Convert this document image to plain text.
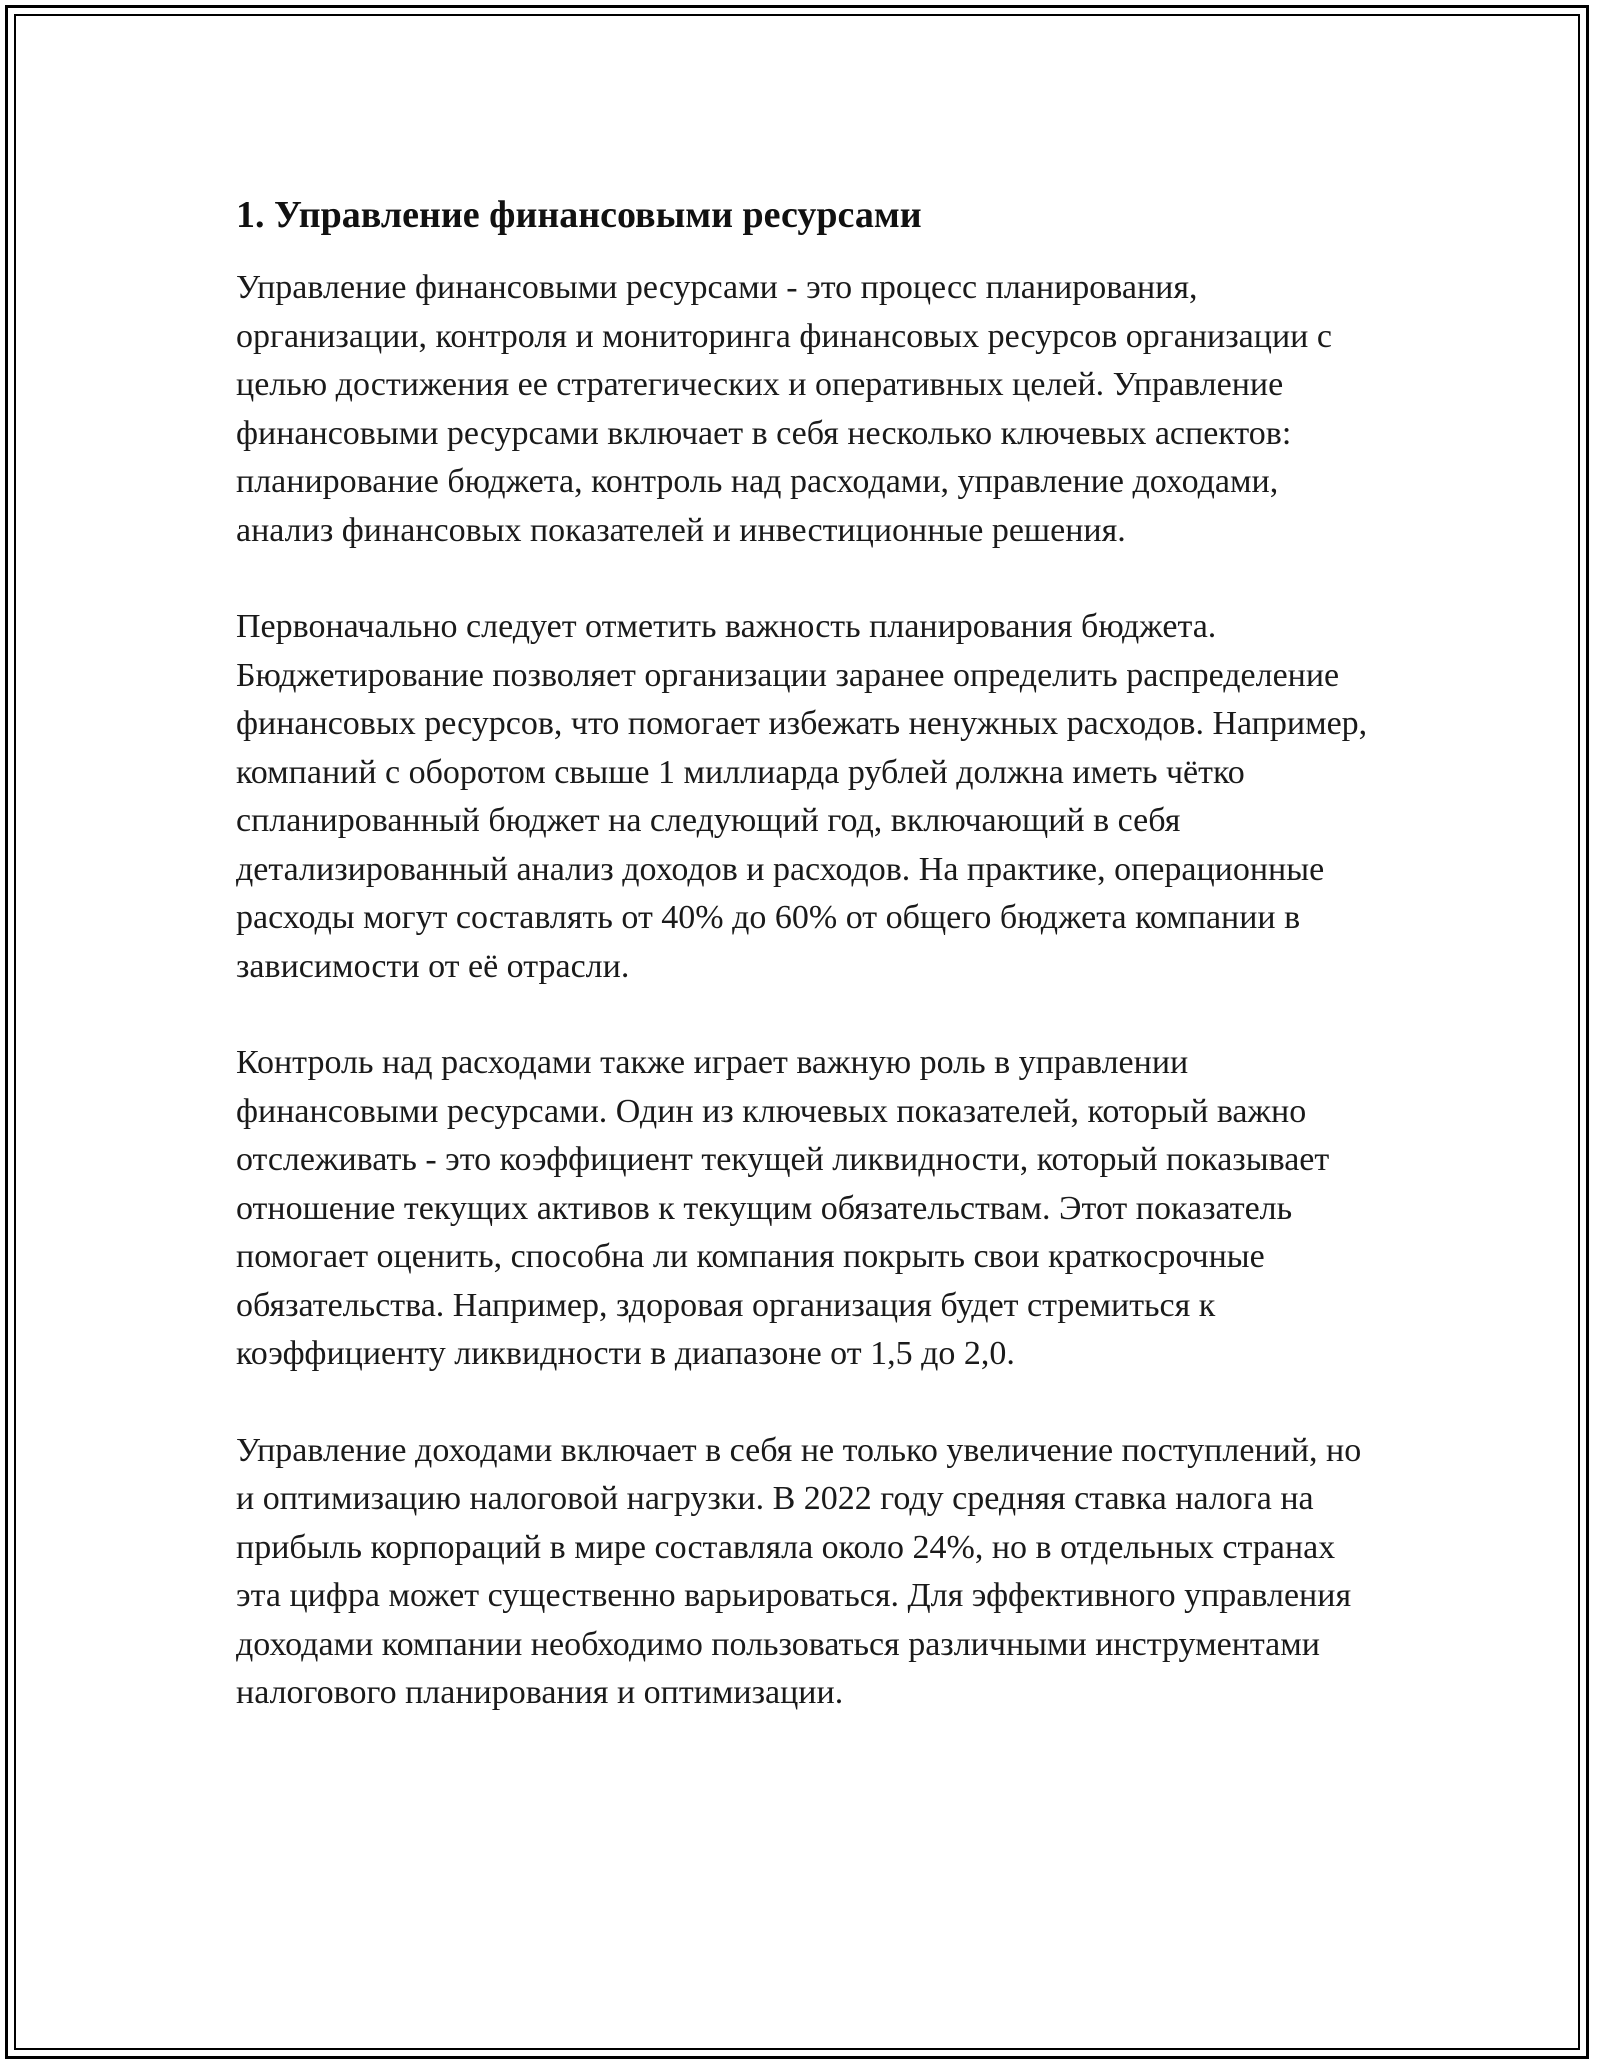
1. Управление финансовыми ресурсами

Управление финансовыми ресурсами - это процесс планирования, организации, контроля и мониторинга финансовых ресурсов организации с целью достижения ее стратегических и оперативных целей. Управление финансовыми ресурсами включает в себя несколько ключевых аспектов: планирование бюджета, контроль над расходами, управление доходами, анализ финансовых показателей и инвестиционные решения.

Первоначально следует отметить важность планирования бюджета. Бюджетирование позволяет организации заранее определить распределение финансовых ресурсов, что помогает избежать ненужных расходов. Например, компаний с оборотом свыше 1 миллиарда рублей должна иметь чётко спланированный бюджет на следующий год, включающий в себя детализированный анализ доходов и расходов. На практике, операционные расходы могут составлять от 40% до 60% от общего бюджета компании в зависимости от её отрасли.

Контроль над расходами также играет важную роль в управлении финансовыми ресурсами. Один из ключевых показателей, который важно отслеживать - это коэффициент текущей ликвидности, который показывает отношение текущих активов к текущим обязательствам. Этот показатель помогает оценить, способна ли компания покрыть свои краткосрочные обязательства. Например, здоровая организация будет стремиться к коэффициенту ликвидности в диапазоне от 1,5 до 2,0.

Управление доходами включает в себя не только увеличение поступлений, но и оптимизацию налоговой нагрузки. В 2022 году средняя ставка налога на прибыль корпораций в мире составляла около 24%, но в отдельных странах эта цифра может существенно варьироваться. Для эффективного управления доходами компании необходимо пользоваться различными инструментами налогового планирования и оптимизации.
